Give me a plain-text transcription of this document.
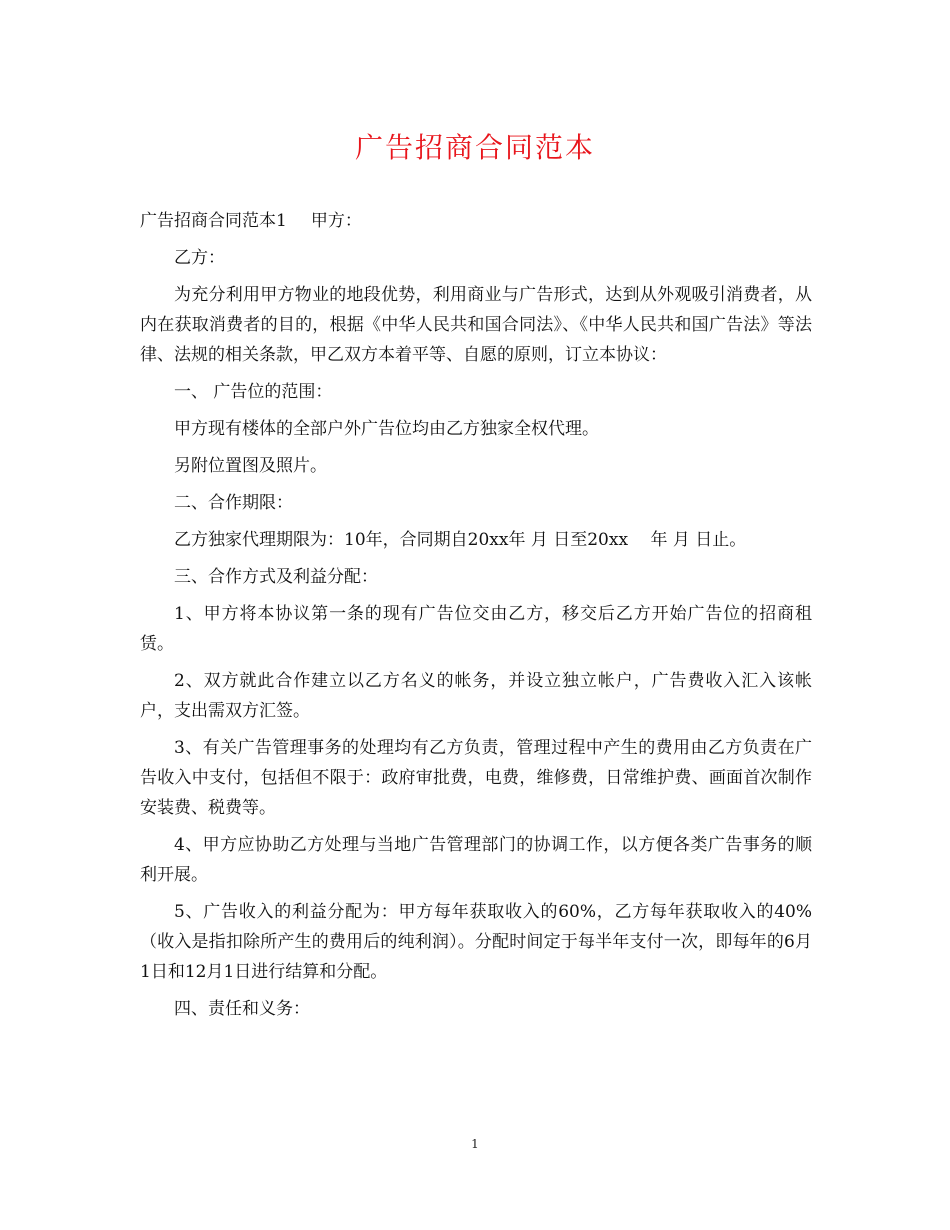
广告招商合同范本

广告招商合同范本1 甲方：

乙方：

为充分利用甲方物业的地段优势，利用商业与广告形式，达到从外观吸引消费者，从内在获取消费者的目的，根据《中华人民共和国合同法》、《中华人民共和国广告法》等法律、法规的相关条款，甲乙双方本着平等、自愿的原则，订立本协议：

一、 广告位的范围：

甲方现有楼体的全部户外广告位均由乙方独家全权代理。

另附位置图及照片。

二、合作期限：

乙方独家代理期限为：10年，合同期自20xx年 月 日至20xx　 年 月 日止。

三、合作方式及利益分配：

1、甲方将本协议第一条的现有广告位交由乙方，移交后乙方开始广告位的招商租赁。

2、双方就此合作建立以乙方名义的帐务，并设立独立帐户，广告费收入汇入该帐户，支出需双方汇签。

3、有关广告管理事务的处理均有乙方负责，管理过程中产生的费用由乙方负责在广告收入中支付，包括但不限于：政府审批费，电费，维修费，日常维护费、画面首次制作安装费、税费等。

4、甲方应协助乙方处理与当地广告管理部门的协调工作，以方便各类广告事务的顺利开展。

5、广告收入的利益分配为：甲方每年获取收入的60%，乙方每年获取收入的40%（收入是指扣除所产生的费用后的纯利润）。分配时间定于每半年支付一次，即每年的6月1日和12月1日进行结算和分配。

四、责任和义务：

1
